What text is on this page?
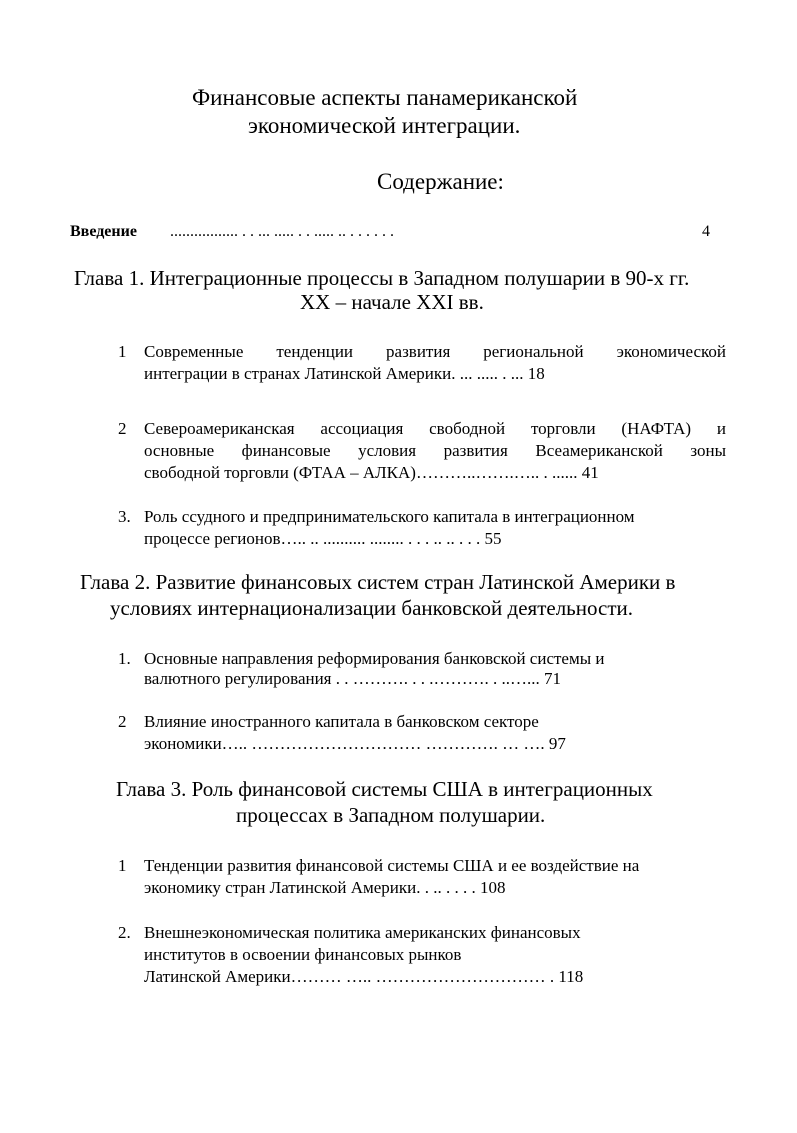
Финансовые аспекты панамериканской
экономической интеграции.
Содержание:
Введение ................. . . ... ..... . . ..... .. . . . . . .	4
Глава 1. Интеграционные процессы в Западном полушарии в 90-х гг.
XX – начале XXI вв.
1 Современные тенденции развития региональной экономической
интеграции в странах Латинской Америки. ... ..... . ... 18
2 Североамериканская ассоциация свободной торговли (НАФТА) и
основные финансовые условия развития Всеамериканской зоны
свободной торговли (ФТАА – АЛКА)………..…….….. . ...... 41
3. Роль ссудного и предпринимательского капитала в интеграционном
процессе регионов….. .. .......... ........ . . . .. .. . . . 55
Глава 2. Развитие финансовых систем стран Латинской Америки в
условиях интернационализации банковской деятельности.
1. Основные направления реформирования банковской системы и
валютного регулирования . . ………. . . .………. . ..…... 71
2 Влияние иностранного капитала в банковском секторе
экономики….. ………………………… …………. … …. 97
Глава 3. Роль финансовой системы США в интеграционных
процессах в Западном полушарии.
1 Тенденции развития финансовой системы США и ее воздействие на
экономику стран Латинской Америки. . .. . . . . 108
2. Внешнеэкономическая политика американских финансовых
институтов в освоении финансовых рынков
Латинской Америки……… ….. ………………………… . 118
